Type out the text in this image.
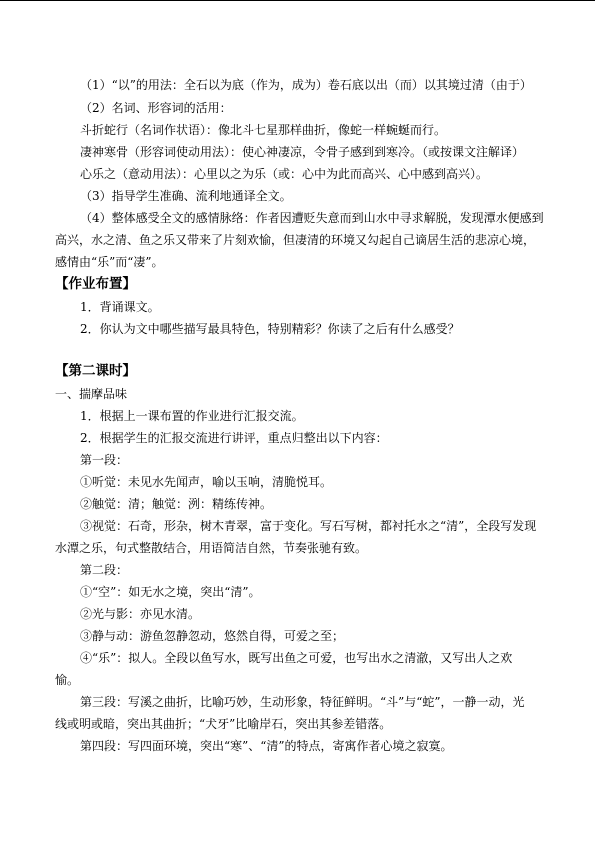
（1）“以”的用法：全石以为底（作为，成为）卷石底以出（而）以其境过清（由于）
（2）名词、形容词的活用：
斗折蛇行（名词作状语）：像北斗七星那样曲折，像蛇一样蜿蜒而行。
凄神寒骨（形容词使动用法）：使心神凄凉，令骨子感到到寒冷。（或按课文注解译）
心乐之（意动用法）：心里以之为乐（或：心中为此而高兴、心中感到高兴）。
（3）指导学生准确、流利地通译全文。
（4）整体感受全文的感情脉络：作者因遭贬失意而到山水中寻求解脱，发现潭水便感到
高兴，水之清、鱼之乐又带来了片刻欢愉，但凄清的环境又勾起自己谪居生活的悲凉心境，
感情由“乐”而“凄”。
【作业布置】
1．背诵课文。
2．你认为文中哪些描写最具特色，特别精彩？你读了之后有什么感受？
【第二课时】
一、揣摩品味
1．根据上一课布置的作业进行汇报交流。
2．根据学生的汇报交流进行讲评，重点归整出以下内容：
第一段：
①听觉：未见水先闻声，喻以玉响，清脆悦耳。
②触觉：清；触觉：洌：精练传神。
③视觉：石奇，形杂，树木青翠，富于变化。写石写树，都衬托水之“清”，全段写发现
水潭之乐，句式整散结合，用语简洁自然，节奏张驰有致。
第二段：
①“空”：如无水之境，突出“清”。
②光与影：亦见水清。
③静与动：游鱼忽静忽动，悠然自得，可爱之至；
④“乐”：拟人。全段以鱼写水，既写出鱼之可爱，也写出水之清澈，又写出人之欢
愉。
第三段：写溪之曲折，比喻巧妙，生动形象，特征鲜明。“斗”与“蛇”，一静一动，光
线或明或暗，突出其曲折；“犬牙”比喻岸石，突出其参差错落。
第四段：写四面环境，突出“寒”、“清”的特点，寄寓作者心境之寂寞。
